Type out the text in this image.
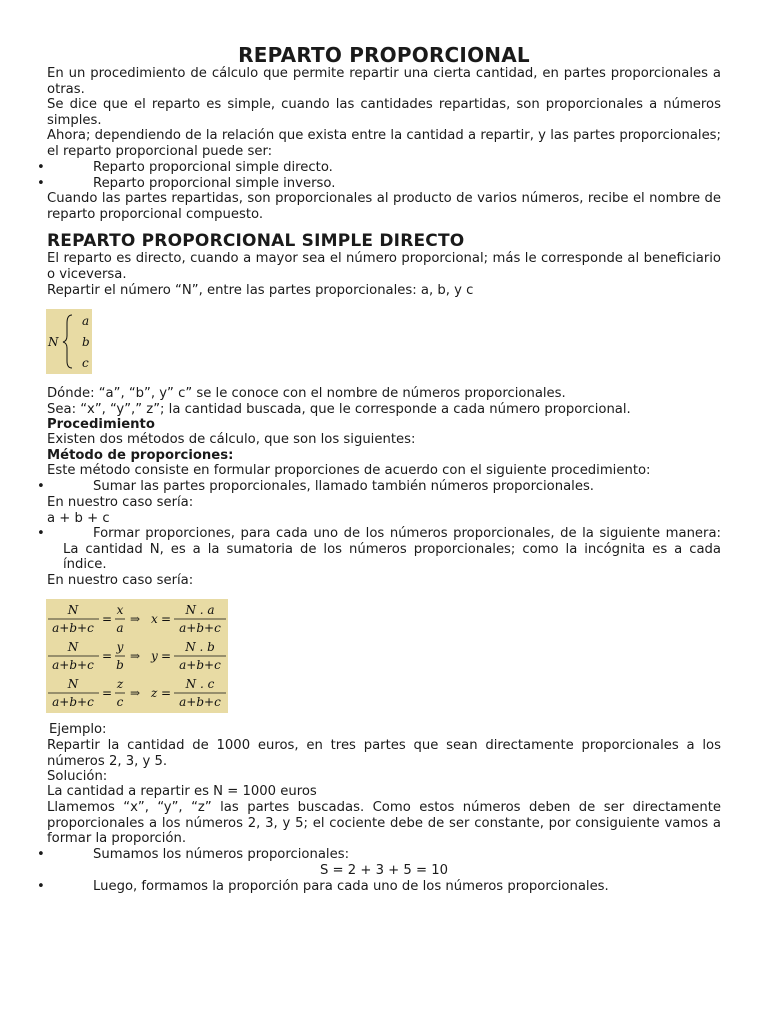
REPARTO PROPORCIONAL
En un procedimiento de cálculo que permite repartir una cierta cantidad, en partes proporcionales a otras.
Se dice que el reparto es simple, cuando las cantidades repartidas, son proporcionales a números simples.
Ahora; dependiendo de la relación que exista entre la cantidad a repartir, y las partes proporcionales; el reparto proporcional puede ser:
•	Reparto proporcional simple directo.
•	Reparto proporcional simple inverso.
Cuando las partes repartidas, son proporcionales al producto de varios números, recibe el nombre de reparto proporcional compuesto.
REPARTO PROPORCIONAL SIMPLE DIRECTO
El reparto es directo, cuando a mayor sea el número proporcional; más le corresponde al beneficiario o viceversa.
Repartir el número “N”, entre las partes proporcionales: a, b, y c
N
a
b
c
Dónde: “a”, “b”, y” c” se le conoce con el nombre de números proporcionales.
Sea: “x”, “y”,” z”; la cantidad buscada, que le corresponde a cada número proporcional.
Procedimiento
Existen dos métodos de cálculo, que son los siguientes:
Método de proporciones:
Este método consiste en formular proporciones de acuerdo con el siguiente procedimiento:
•	Sumar las partes proporcionales, llamado también números proporcionales.
En nuestro caso sería:
a + b + c
•	Formar proporciones, para cada uno de los números proporcionales, de la siguiente manera: La cantidad N, es a la sumatoria de los números proporcionales; como la incógnita es a cada índice.
En nuestro caso sería:
N
a+b+c
=
x
a
⇒ x =
N . a
a+b+c
N
a+b+c
=
y
b
⇒ y =
N . b
a+b+c
N
a+b+c
=
z
c
⇒ z =
N . c
a+b+c
Ejemplo:
Repartir la cantidad de 1000 euros, en tres partes que sean directamente proporcionales a los números 2, 3, y 5.
Solución:
La cantidad a repartir es N = 1000 euros
Llamemos “x”, “y”, “z” las partes buscadas. Como estos números deben de ser directamente proporcionales a los números 2, 3, y 5; el cociente debe de ser constante, por consiguiente vamos a formar la proporción.
•	Sumamos los números proporcionales:
S = 2 + 3 + 5 = 10
•	Luego, formamos la proporción para cada uno de los números proporcionales.
